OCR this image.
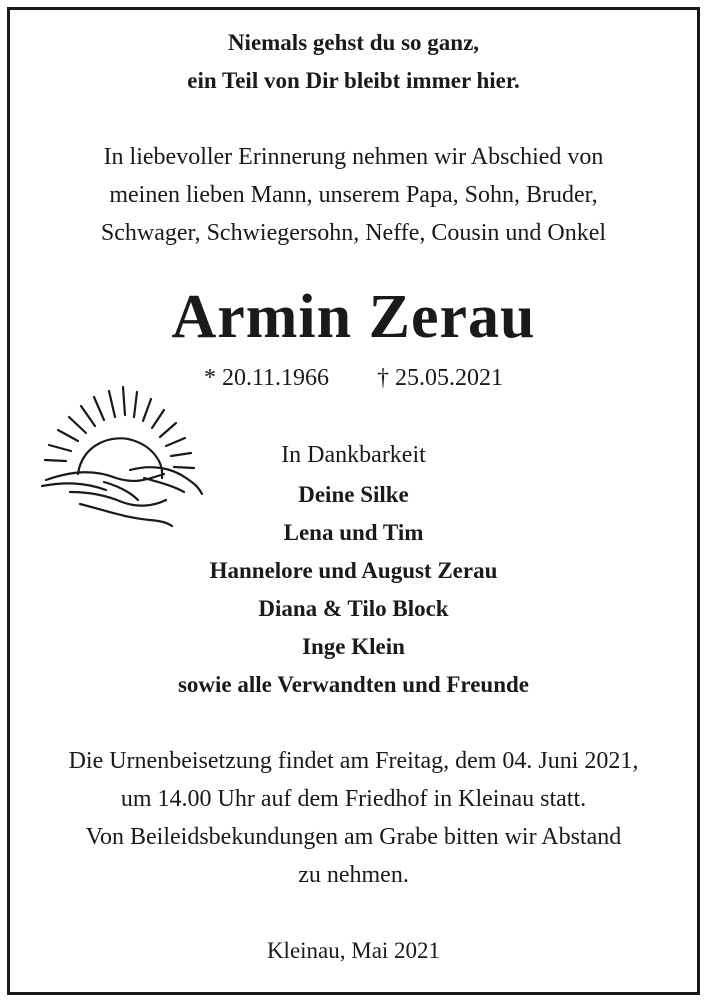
Niemals gehst du so ganz,
ein Teil von Dir bleibt immer hier.
In liebevoller Erinnerung nehmen wir Abschied von
meinen lieben Mann, unserem Papa, Sohn, Bruder,
Schwager, Schwiegersohn, Neffe, Cousin und Onkel
Armin Zerau
* 20.11.1966 † 25.05.2021
In Dankbarkeit
Deine Silke
Lena und Tim
Hannelore und August Zerau
Diana & Tilo Block
Inge Klein
sowie alle Verwandten und Freunde
Die Urnenbeisetzung findet am Freitag, dem 04. Juni 2021,
um 14.00 Uhr auf dem Friedhof in Kleinau statt.
Von Beileidsbekundungen am Grabe bitten wir Abstand
zu nehmen.
Kleinau, Mai 2021
